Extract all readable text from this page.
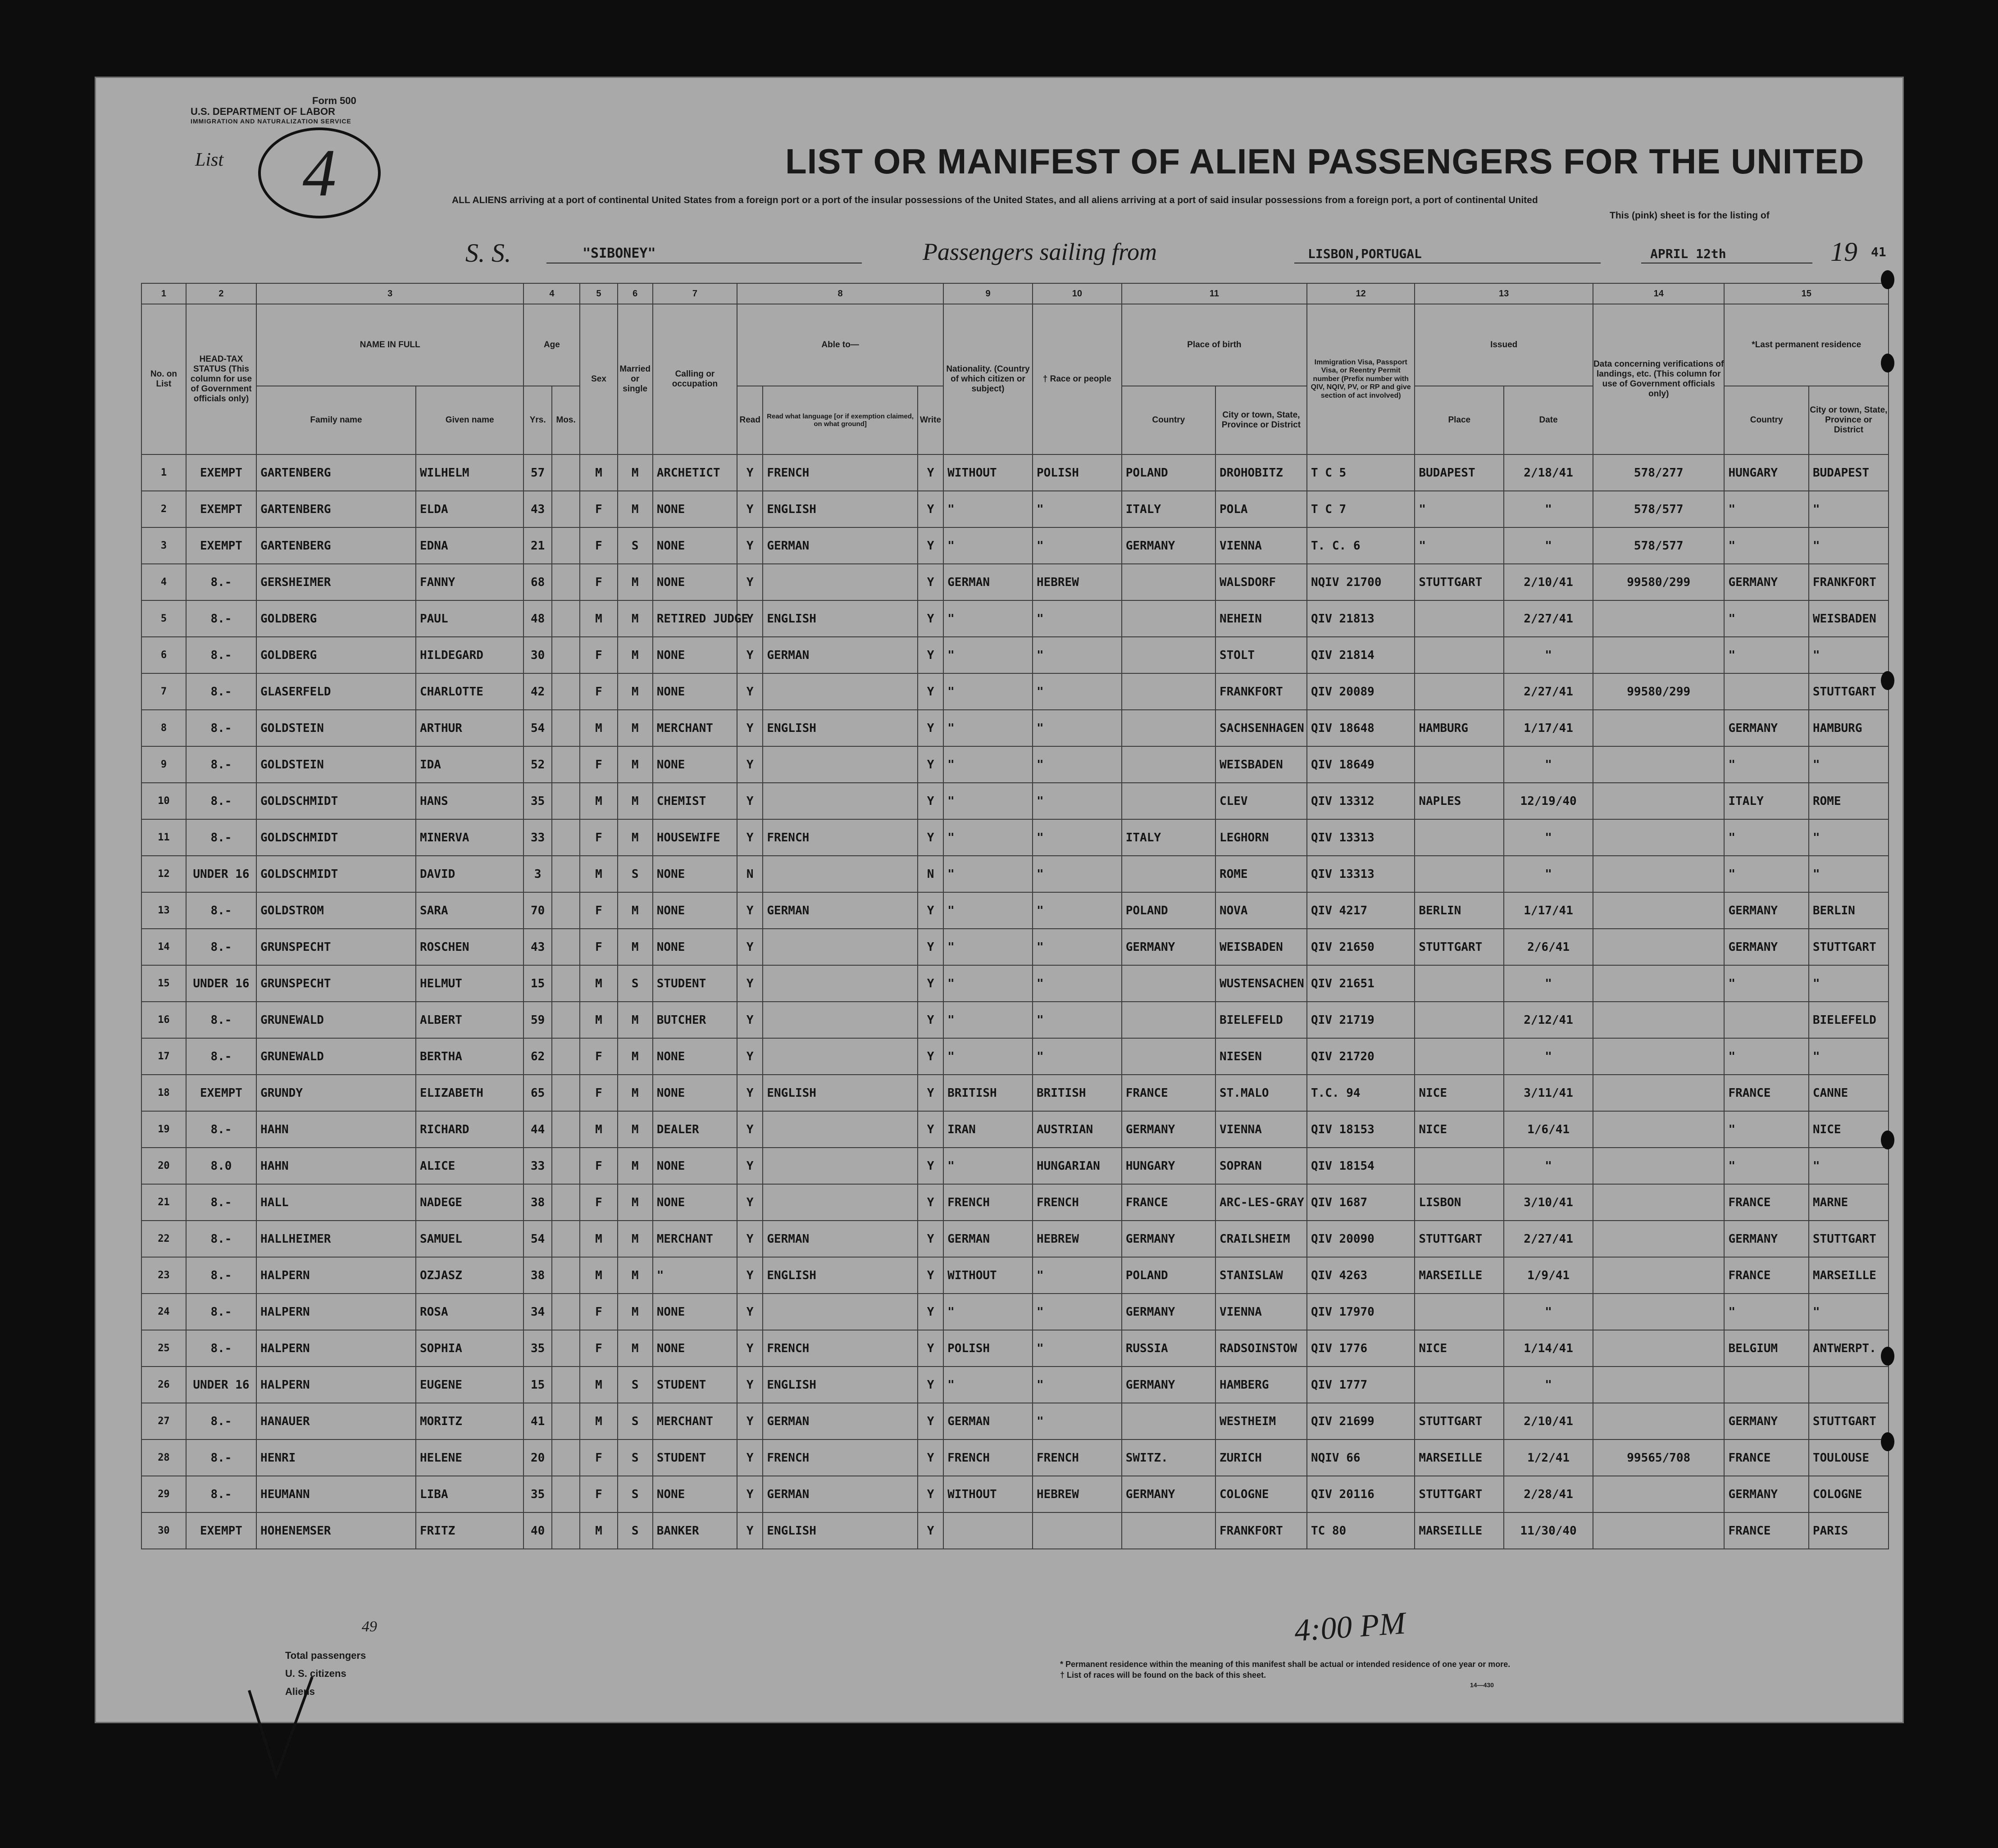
Form 500
U.S. DEPARTMENT OF LABOR
IMMIGRATION AND NATURALIZATION SERVICE
List	4	LIST OR MANIFEST OF ALIEN PASSENGERS FOR THE UNITED
ALL ALIENS arriving at a port of continental United States from a foreign port or a port of the insular possessions of the United States, and all aliens arriving at a port of said insular possessions from a foreign port, a port of continental United
This (pink) sheet is for the listing of
S. S.	"SIBONEY"	Passengers sailing from	LISBON,PORTUGAL	APRIL 12th	19 41
1	2	3		4		5	6	7	8			9	10	11		12	13		14	15	
No. on List	HEAD-TAX STATUS (This column for use of Government officials only)	NAME IN FULL		Age		Sex	Married or single	Calling or occupation	Able to—			Nationality. (Country of which citizen or subject)	† Race or people	Place of birth		Immigration Visa, Passport Visa, or Reentry Permit number (Prefix number with QIV, NQIV, PV, or RP and give section of act involved)	Issued		Data concerning verifications of landings, etc. (This column for use of Government officials only)	*Last permanent residence	
		Family name	Given name	Yrs.	Mos.				Read	Read what language [or if exemption claimed, on what ground]	Write			Country	City or town, State, Province or District		Place	Date		Country	City or town, State, Province or District
1	EXEMPT	GARTENBERG	WILHELM	57		M	M	ARCHETICT	Y	FRENCH	Y	WITHOUT	POLISH	POLAND	DROHOBITZ	T C 5	BUDAPEST	2/18/41	578/277	HUNGARY	BUDAPEST
2	EXEMPT	GARTENBERG	ELDA	43		F	M	NONE	Y	ENGLISH	Y	"	"	ITALY	POLA	T C 7	"	"	578/577	"	"
3	EXEMPT	GARTENBERG	EDNA	21		F	S	NONE	Y	GERMAN	Y	"	"	GERMANY	VIENNA	T. C. 6	"	"	578/577	"	"
4	8.-	GERSHEIMER	FANNY	68		F	M	NONE	Y		Y	GERMAN	HEBREW		WALSDORF	NQIV 21700	STUTTGART	2/10/41	99580/299	GERMANY	FRANKFORT
5	8.-	GOLDBERG	PAUL	48		M	M	RETIRED JUDGE	Y	ENGLISH	Y	"	"		NEHEIN	QIV 21813		2/27/41		"	WEISBADEN
6	8.-	GOLDBERG	HILDEGARD	30		F	M	NONE	Y	GERMAN	Y	"	"		STOLT	QIV 21814		"		"	"
7	8.-	GLASERFELD	CHARLOTTE	42		F	M	NONE	Y		Y	"	"		FRANKFORT	QIV 20089		2/27/41	99580/299		STUTTGART
8	8.-	GOLDSTEIN	ARTHUR	54		M	M	MERCHANT	Y	ENGLISH	Y	"	"		SACHSENHAGEN	QIV 18648	HAMBURG	1/17/41		GERMANY	HAMBURG
9	8.-	GOLDSTEIN	IDA	52		F	M	NONE	Y		Y	"	"		WEISBADEN	QIV 18649		"		"	"
10	8.-	GOLDSCHMIDT	HANS	35		M	M	CHEMIST	Y		Y	"	"		CLEV	QIV 13312	NAPLES	12/19/40		ITALY	ROME
11	8.-	GOLDSCHMIDT	MINERVA	33		F	M	HOUSEWIFE	Y	FRENCH	Y	"	"	ITALY	LEGHORN	QIV 13313		"		"	"
12	UNDER 16	GOLDSCHMIDT	DAVID	3		M	S	NONE	N		N	"	"		ROME	QIV 13313		"		"	"
13	8.-	GOLDSTROM	SARA	70		F	M	NONE	Y	GERMAN	Y	"	"	POLAND	NOVA	QIV 4217	BERLIN	1/17/41		GERMANY	BERLIN
14	8.-	GRUNSPECHT	ROSCHEN	43		F	M	NONE	Y		Y	"	"	GERMANY	WEISBADEN	QIV 21650	STUTTGART	2/6/41		GERMANY	STUTTGART
15	UNDER 16	GRUNSPECHT	HELMUT	15		M	S	STUDENT	Y		Y	"	"		WUSTENSACHEN	QIV 21651		"		"	"
16	8.-	GRUNEWALD	ALBERT	59		M	M	BUTCHER	Y		Y	"	"		BIELEFELD	QIV 21719		2/12/41			BIELEFELD
17	8.-	GRUNEWALD	BERTHA	62		F	M	NONE	Y		Y	"	"		NIESEN	QIV 21720		"		"	"
18	EXEMPT	GRUNDY	ELIZABETH	65		F	M	NONE	Y	ENGLISH	Y	BRITISH	BRITISH	FRANCE	ST.MALO	T.C. 94	NICE	3/11/41		FRANCE	CANNE
19	8.-	HAHN	RICHARD	44		M	M	DEALER	Y		Y	IRAN	AUSTRIAN	GERMANY	VIENNA	QIV 18153	NICE	1/6/41		"	NICE
20	8.0	HAHN	ALICE	33		F	M	NONE	Y		Y	"	HUNGARIAN	HUNGARY	SOPRAN	QIV 18154		"		"	"
21	8.-	HALL	NADEGE	38		F	M	NONE	Y		Y	FRENCH	FRENCH	FRANCE	ARC-LES-GRAY	QIV 1687	LISBON	3/10/41		FRANCE	MARNE
22	8.-	HALLHEIMER	SAMUEL	54		M	M	MERCHANT	Y	GERMAN	Y	GERMAN	HEBREW	GERMANY	CRAILSHEIM	QIV 20090	STUTTGART	2/27/41		GERMANY	STUTTGART
23	8.-	HALPERN	OZJASZ	38		M	M	"	Y	ENGLISH	Y	WITHOUT	"	POLAND	STANISLAW	QIV 4263	MARSEILLE	1/9/41		FRANCE	MARSEILLE
24	8.-	HALPERN	ROSA	34		F	M	NONE	Y		Y	"	"	GERMANY	VIENNA	QIV 17970		"		"	"
25	8.-	HALPERN	SOPHIA	35		F	M	NONE	Y	FRENCH	Y	POLISH	"	RUSSIA	RADSOINSTOW	QIV 1776	NICE	1/14/41		BELGIUM	ANTWERPT.
26	UNDER 16	HALPERN	EUGENE	15		M	S	STUDENT	Y	ENGLISH	Y	"	"	GERMANY	HAMBERG	QIV 1777		"			
27	8.-	HANAUER	MORITZ	41		M	S	MERCHANT	Y	GERMAN	Y	GERMAN	"		WESTHEIM	QIV 21699	STUTTGART	2/10/41		GERMANY	STUTTGART
28	8.-	HENRI	HELENE	20		F	S	STUDENT	Y	FRENCH	Y	FRENCH	FRENCH	SWITZ.	ZURICH	NQIV 66	MARSEILLE	1/2/41	99565/708	FRANCE	TOULOUSE
29	8.-	HEUMANN	LIBA	35		F	S	NONE	Y	GERMAN	Y	WITHOUT	HEBREW	GERMANY	COLOGNE	QIV 20116	STUTTGART	2/28/41		GERMANY	COLOGNE
30	EXEMPT	HOHENEMSER	FRITZ	40		M	S	BANKER	Y	ENGLISH	Y				FRANKFORT	TC 80	MARSEILLE	11/30/40		FRANCE	PARIS
49
Total passengers
U. S. citizens
Aliens
* Permanent residence within the meaning of this manifest shall be actual or intended residence of one year or more.
† List of races will be found on the back of this sheet.
4:00 PM
14—430
